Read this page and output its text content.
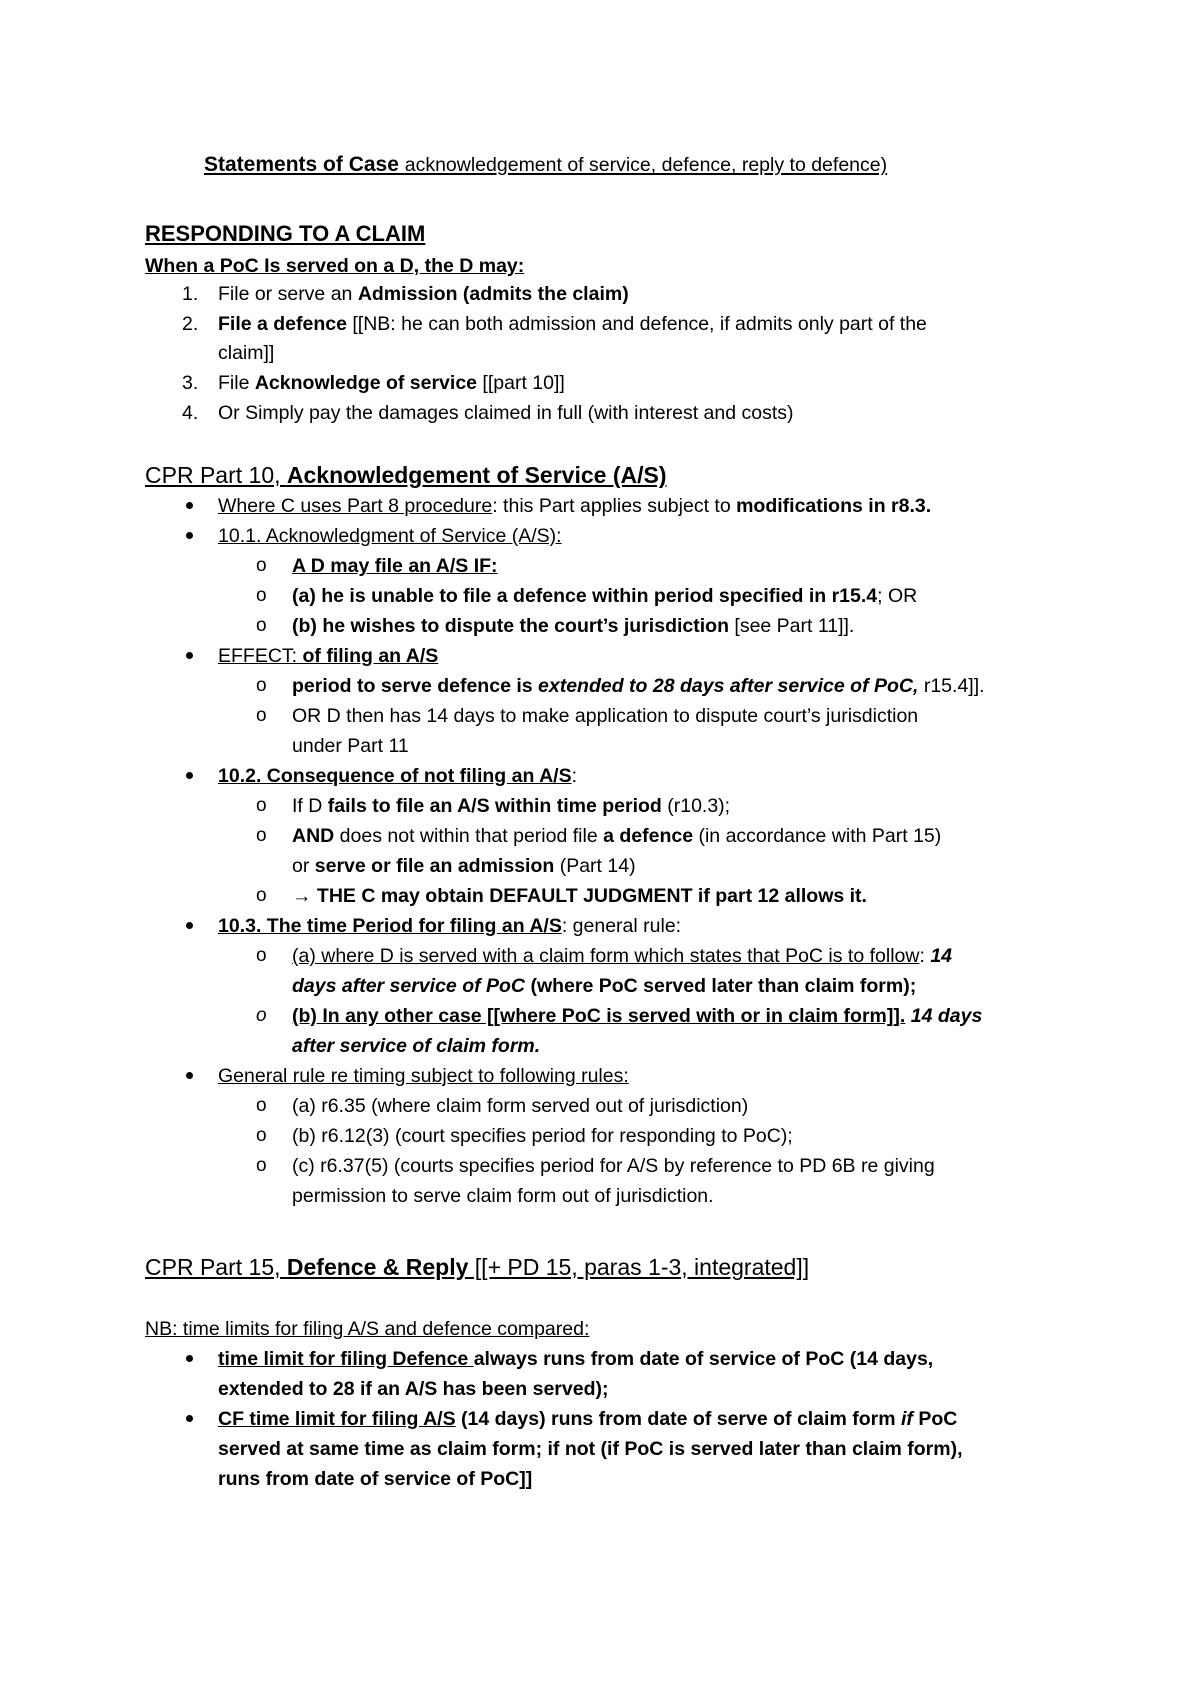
Statements of Case acknowledgement of service, defence, reply to defence)
RESPONDING TO A CLAIM
When a PoC Is served on a D, the D may:
1. File or serve an Admission (admits the claim)
2. File a defence [[NB: he can both admission and defence, if admits only part of the
claim]]
3. File Acknowledge of service [[part 10]]
4. Or Simply pay the damages claimed in full (with interest and costs)
CPR Part 10, Acknowledgement of Service (A/S)
Where C uses Part 8 procedure: this Part applies subject to modifications in r8.3.
10.1. Acknowledgment of Service (A/S):
o A D may file an A/S IF:
o (a) he is unable to file a defence within period specified in r15.4; OR
o (b) he wishes to dispute the court’s jurisdiction [see Part 11]].
EFFECT: of filing an A/S
o period to serve defence is extended to 28 days after service of PoC, r15.4]].
o OR D then has 14 days to make application to dispute court’s jurisdiction
under Part 11
10.2. Consequence of not filing an A/S:
o If D fails to file an A/S within time period (r10.3);
o AND does not within that period file a defence (in accordance with Part 15)
or serve or file an admission (Part 14)
o → THE C may obtain DEFAULT JUDGMENT if part 12 allows it.
10.3. The time Period for filing an A/S: general rule:
o (a) where D is served with a claim form which states that PoC is to follow: 14
days after service of PoC (where PoC served later than claim form);
o (b) In any other case [[where PoC is served with or in claim form]]. 14 days
after service of claim form.
General rule re timing subject to following rules:
o (a) r6.35 (where claim form served out of jurisdiction)
o (b) r6.12(3) (court specifies period for responding to PoC);
o (c) r6.37(5) (courts specifies period for A/S by reference to PD 6B re giving
permission to serve claim form out of jurisdiction.
CPR Part 15, Defence & Reply [[+ PD 15, paras 1-3, integrated]]
NB: time limits for filing A/S and defence compared:
time limit for filing Defence always runs from date of service of PoC (14 days,
extended to 28 if an A/S has been served);
CF time limit for filing A/S (14 days) runs from date of serve of claim form if PoC
served at same time as claim form; if not (if PoC is served later than claim form),
runs from date of service of PoC]]
